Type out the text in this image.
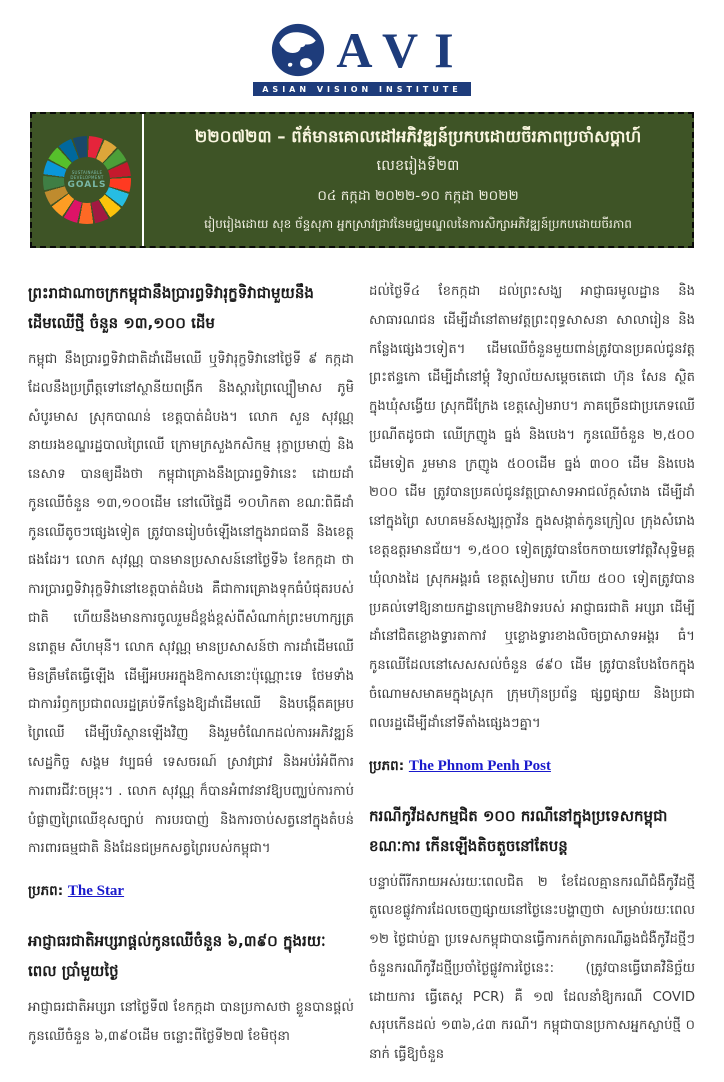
AVI
ASIAN VISION INSTITUTE
SUSTAINABLE DEVELOPMENT
GOALS
២២០៧២៣ – ព័ត៌មានគោលដៅអភិវឌ្ឍន៍ប្រកបដោយចីរភាពប្រចាំសប្ដាហ៍
លេខរៀងទី២៣
០៤ កក្កដា ២០២២-១០ កក្កដា ២០២២
រៀបរៀងដោយ សុខ ច័ន្ទសុភា អ្នកស្រាវជ្រាវនៃមជ្ឈមណ្ឌលនៃការសិក្សាអភិវឌ្ឍន៍ប្រកបដោយចីរភាព
ព្រះរាជាណាចក្រកម្ពុជានឹងប្រារព្ធទិវារុក្ខទិវាជាមួយនឹងដើមឈើថ្មី ចំនួន ១៣,១០០ ដើម
កម្ពុជា នឹងប្រារព្ធទិវាជាតិដាំដើមឈើ ឬទិវារុក្ខទិវានៅថ្ងៃទី ៩ កក្កដា ដែលនឹងប្រព្រឹត្តទៅនៅស្ថានីយពង្រីក និងស្ដារព្រៃល្បឿមាស ភូមិសំបូរមាស ស្រុកបាណន់ ខេត្តបាត់ដំបង។ លោក សួន សុវណ្ណ នាយរងខណ្ឌរដ្ឋបាលព្រៃឈើ ក្រោមក្រសួងកសិកម្ម រុក្ខាប្រមាញ់ និងនេសាទ បានឲ្យដឹងថា កម្ពុជាគ្រោងនឹងប្រារព្ធទិវានេះ ដោយដាំកូនឈើចំនួន ១៣,១០០ដើម នៅលើផ្ទៃដី ១០ហិកតា ខណៈពិធីដាំកូនឈើតូចៗផ្សេងទៀត ត្រូវបានរៀបចំឡើងនៅក្នុងរាជធានី និងខេត្តផងដែរ។ លោក សុវណ្ណ បានមានប្រសាសន៍នៅថ្ងៃទី៦ ខែកក្កដា ថា ការប្រារព្ធទិវារុក្ខទិវានៅខេត្តបាត់ដំបង គឺជាការគ្រោងទុកធំបំផុតរបស់ជាតិ ហើយនឹងមានការចូលរួមដ៏ខ្ពង់ខ្ពស់ពីសំណាក់ព្រះមហាក្សត្រ នរោត្តម សីហមុនី។ លោក សុវណ្ណ មានប្រសាសន៍ថា ការដាំដើមឈើមិនត្រឹមតែធ្វើឡើង ដើម្បីអបអរក្នុងឱកាសនោះប៉ុណ្ណោះទេ ថែមទាំងជាការរំឭកប្រជាពលរដ្ឋគ្រប់ទីកន្លែងឱ្យដាំដើមឈើ និងបង្កើតគម្របព្រៃឈើ ដើម្បីបរិស្ថានឡើងវិញ និងរួមចំណែកដល់ការអភិវឌ្ឍន៍សេដ្ឋកិច្ច សង្គម វប្បធម៌ ទេសចរណ៍ ស្រាវជ្រាវ និងអប់រំអំពីការការពារជីវៈចម្រុះ។ . លោក សុវណ្ណ ក៏បានអំពាវនាវឱ្យបញ្ឈប់ការកាប់បំផ្លាញព្រៃឈើខុសច្បាប់ ការបរបាញ់ និងការចាប់សត្វនៅក្នុងតំបន់ការពារធម្មជាតិ និងដែនជម្រកសត្វព្រៃរបស់កម្ពុជា។
ប្រភព: The Star
អាជ្ញាធរជាតិអប្សរាផ្ដល់កូនឈើចំនួន ៦,៣៩០ ក្នុងរយៈពេល ប្រាំមួយថ្ងៃ
អាជ្ញាធរជាតិអប្សរា នៅថ្ងៃទី៧ ខែកក្កដា បានប្រកាសថា ខ្លួនបានផ្ដល់កូនឈើចំនួន ៦,៣៩០ដើម ចន្លោះពីថ្ងៃទី២៧ ខែមិថុនា
ដល់ថ្ងៃទី៤ ខែកក្កដា ដល់ព្រះសង្ឃ អាជ្ញាធរមូលដ្ឋាន និងសាធារណជន ដើម្បីដាំនៅតាមវត្តព្រះពុទ្ធសាសនា សាលារៀន និងកន្លែងផ្សេងៗទៀត។ ដើមឈើចំនួនមួយពាន់ត្រូវបានប្រគល់ជូនវត្តព្រះឥន្ទកោ ដើម្បីដាំនៅម្ដុំ វិទ្យាល័យសម្ដេចតេជោ ហ៊ុន សែន ស្ថិតក្នុងឃុំសង្វើយ ស្រុកជីក្រែង ខេត្តសៀមរាប។ ភាគច្រើនជាប្រភេទឈើប្រណីតដូចជា ឈើក្រញូង ធ្នង់ និងបេង។ កូនឈើចំនួន ២,៥០០ ដើមទៀត រួមមាន ក្រញូង ៥០០ដើម ធ្នង់ ៣០០ ដើម និងបេង ២០០ ដើម ត្រូវបានប្រគល់ជូនវត្តប្រាសាទអាជល័ក្តសំរោង ដើម្បីដាំនៅក្នុងព្រៃ សហគមន៍សង្ឃរុក្ខាវ័ន ក្នុងសង្កាត់កូនក្រៀល ក្រុងសំរោង ខេត្តឧត្តរមានជ័យ។ ១,៥០០ ទៀតត្រូវបានចែកចាយទៅវត្តវិសុទ្ធិមគ្គ ឃុំលាងដៃ ស្រុកអង្គរធំ ខេត្តសៀមរាប ហើយ ៥០០ ទៀតត្រូវបានប្រគល់ទៅឱ្យនាយកដ្ឋានក្រោមឱវាទរបស់ អាជ្ញាធរជាតិ អប្សរា ដើម្បីដាំនៅជិតខ្លោងទ្វារតាកាវ ឬខ្លោងទ្វារខាងលិចប្រាសាទអង្គរ ធំ។ កូនឈើដែលនៅសេសសល់ចំនួន ៨៩០ ដើម ត្រូវបានបែងចែកក្នុងចំណោមសមាគមក្នុងស្រុក ក្រុមហ៊ុនប្រព័ន្ធ ផ្សព្វផ្សាយ និងប្រជាពលរដ្ឋដើម្បីដាំនៅទីតាំងផ្សេងៗគ្នា។
ប្រភព: The Phnom Penh Post
ករណីកូវីដសកម្មជិត ១០០ ករណីនៅក្នុងប្រទេសកម្ពុជា ខណៈការ កើនឡើងតិចតួចនៅតែបន្ត
បន្ទាប់ពីរីករាយអស់រយៈពេលជិត ២ ខែដែលគ្មានករណីជំងឺកូវីដថ្មី តួលេខផ្លូវការដែលចេញផ្សាយនៅថ្ងៃនេះបង្ហាញថា សម្រាប់រយៈពេល ១២ ថ្ងៃជាប់គ្នា ប្រទេសកម្ពុជាបានធ្វើការកត់ត្រាករណីឆ្លងជំងឺកូវីដថ្មីៗ ចំនួនករណីកូវីដថ្មីប្រចាំថ្ងៃផ្លូវការថ្ងៃនេះ: (ត្រូវបានធ្វើរោគវិនិច្ឆ័យដោយការ ធ្វើតេស្ត PCR) គឺ ១៧ ដែលនាំឱ្យករណី COVID សរុបកើនដល់ ១៣៦,៤៣ ករណី។ កម្ពុជាបានប្រកាសអ្នកស្លាប់ថ្មី ០ នាក់ ធ្វើឱ្យចំនួន
